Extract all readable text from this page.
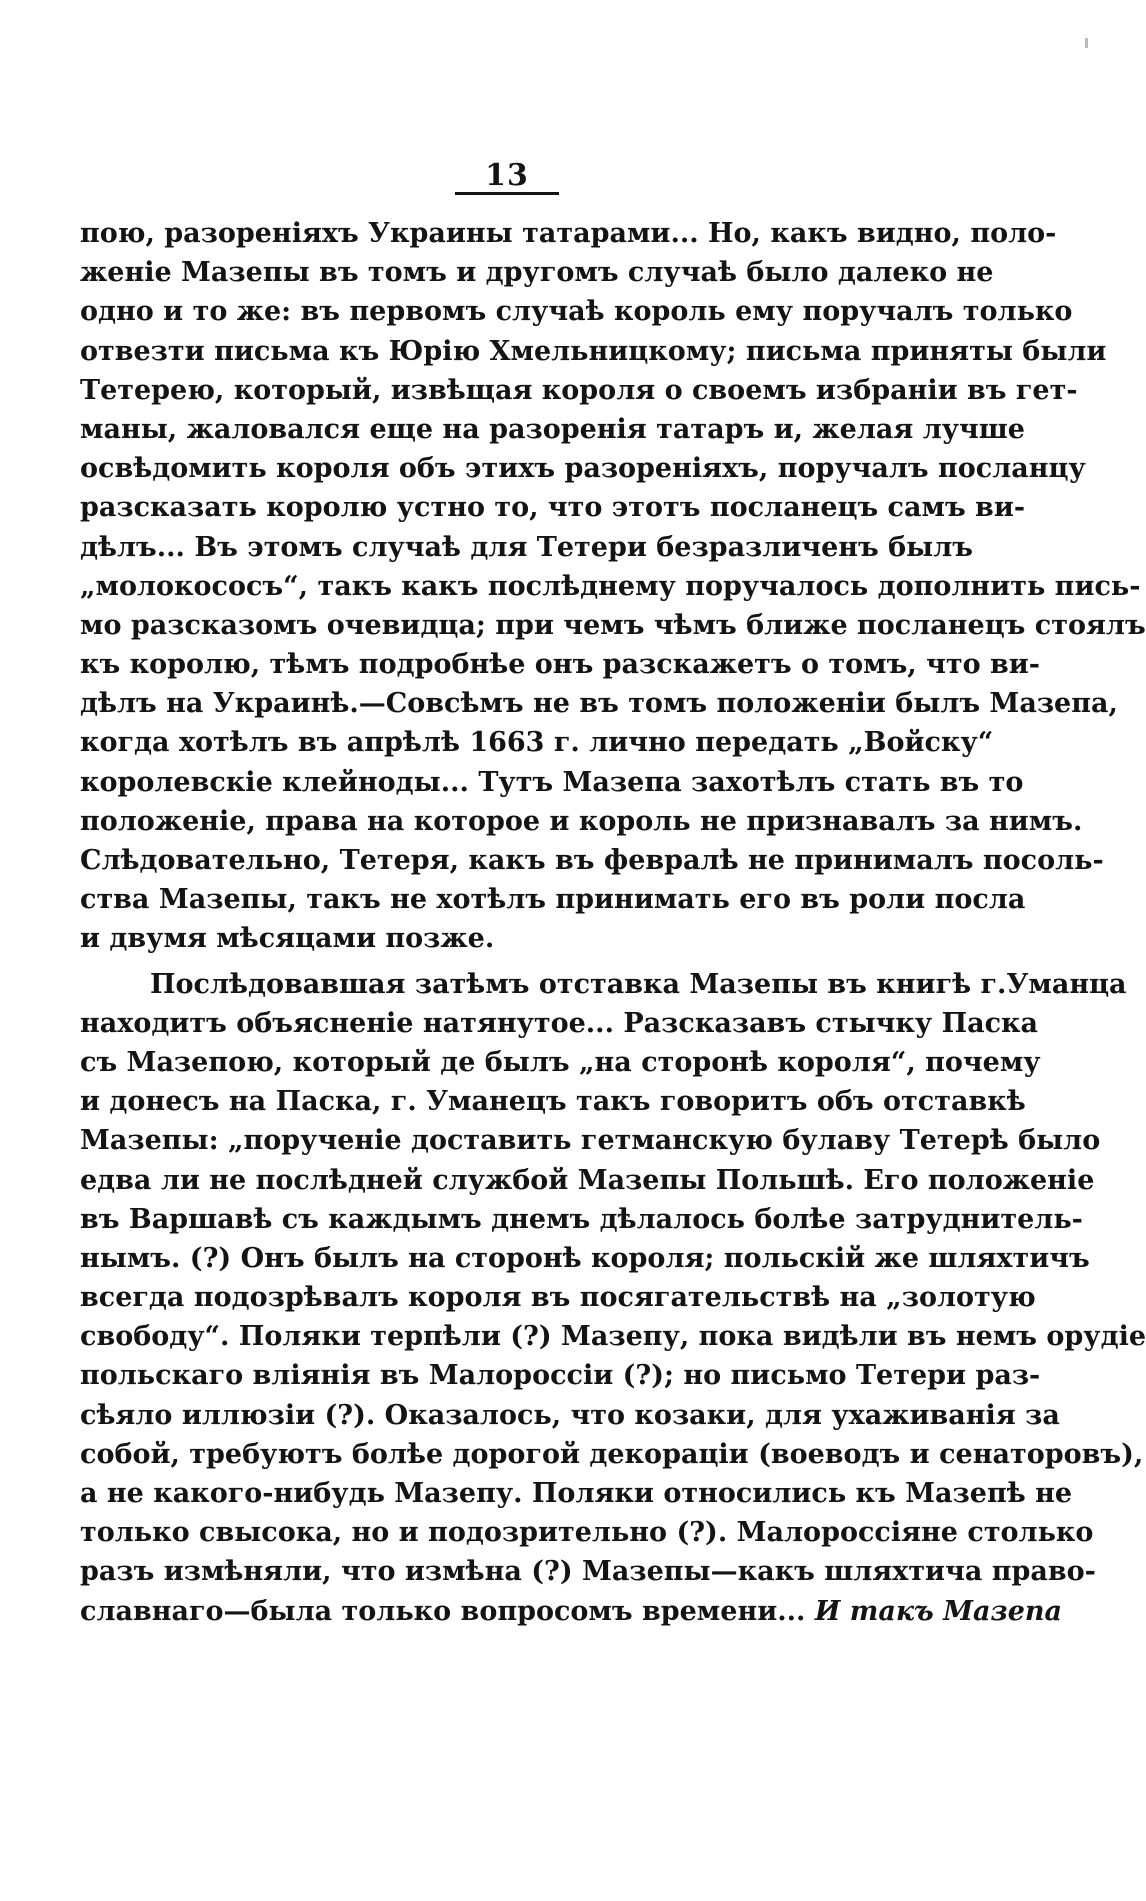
13
пою, разореніяхъ Украины татарами... Но, какъ видно, поло-
женіе Мазепы въ томъ и другомъ случаѣ было далеко не
одно и то же: въ первомъ случаѣ король ему поручалъ только
отвезти письма къ Юрію Хмельницкому; письма приняты были
Тетерею, который, извѣщая короля о своемъ избраніи въ гет-
маны, жаловался еще на разоренія татаръ и, желая лучше
освѣдомить короля объ этихъ разореніяхъ, поручалъ посланцу
разсказать королю устно то, что этотъ посланецъ самъ ви-
дѣлъ... Въ этомъ случаѣ для Тетери безразличенъ былъ
„молокососъ“, такъ какъ послѣднему поручалось дополнить пись-
мо разсказомъ очевидца; при чемъ чѣмъ ближе посланецъ стоялъ
къ королю, тѣмъ подробнѣе онъ разскажетъ о томъ, что ви-
дѣлъ на Украинѣ.—Совсѣмъ не въ томъ положеніи былъ Мазепа,
когда хотѣлъ въ апрѣлѣ 1663 г. лично передать „Войску“
королевскіе клейноды... Тутъ Мазепа захотѣлъ стать въ то
положеніе, права на которое и король не признавалъ за нимъ.
Слѣдовательно, Тетеря, какъ въ февралѣ не принималъ посоль-
ства Мазепы, такъ не хотѣлъ принимать его въ роли посла
и двумя мѣсяцами позже.
Послѣдовавшая затѣмъ отставка Мазепы въ книгѣ г.Уманца
находитъ объясненіе натянутое... Разсказавъ стычку Паска
съ Мазепою, который де былъ „на сторонѣ короля“, почему
и донесъ на Паска, г. Уманецъ такъ говоритъ объ отставкѣ
Мазепы: „порученіе доставить гетманскую булаву Тетерѣ было
едва ли не послѣдней службой Мазепы Польшѣ. Его положеніе
въ Варшавѣ съ каждымъ днемъ дѣлалось болѣе затруднитель-
нымъ. (?) Онъ былъ на сторонѣ короля; польскій же шляхтичъ
всегда подозрѣвалъ короля въ посягательствѣ на „золотую
свободу“. Поляки терпѣли (?) Мазепу, пока видѣли въ немъ орудіе
польскаго вліянія въ Малороссіи (?); но письмо Тетери раз-
сѣяло иллюзіи (?). Оказалось, что козаки, для ухаживанія за
собой, требуютъ болѣе дорогой декораціи (воеводъ и сенаторовъ),
а не какого-нибудь Мазепу. Поляки относились къ Мазепѣ не
только свысока, но и подозрительно (?). Малороссіяне столько
разъ измѣняли, что измѣна (?) Мазепы—какъ шляхтича право-
славнаго—была только вопросомъ времени... И такъ Мазепа
